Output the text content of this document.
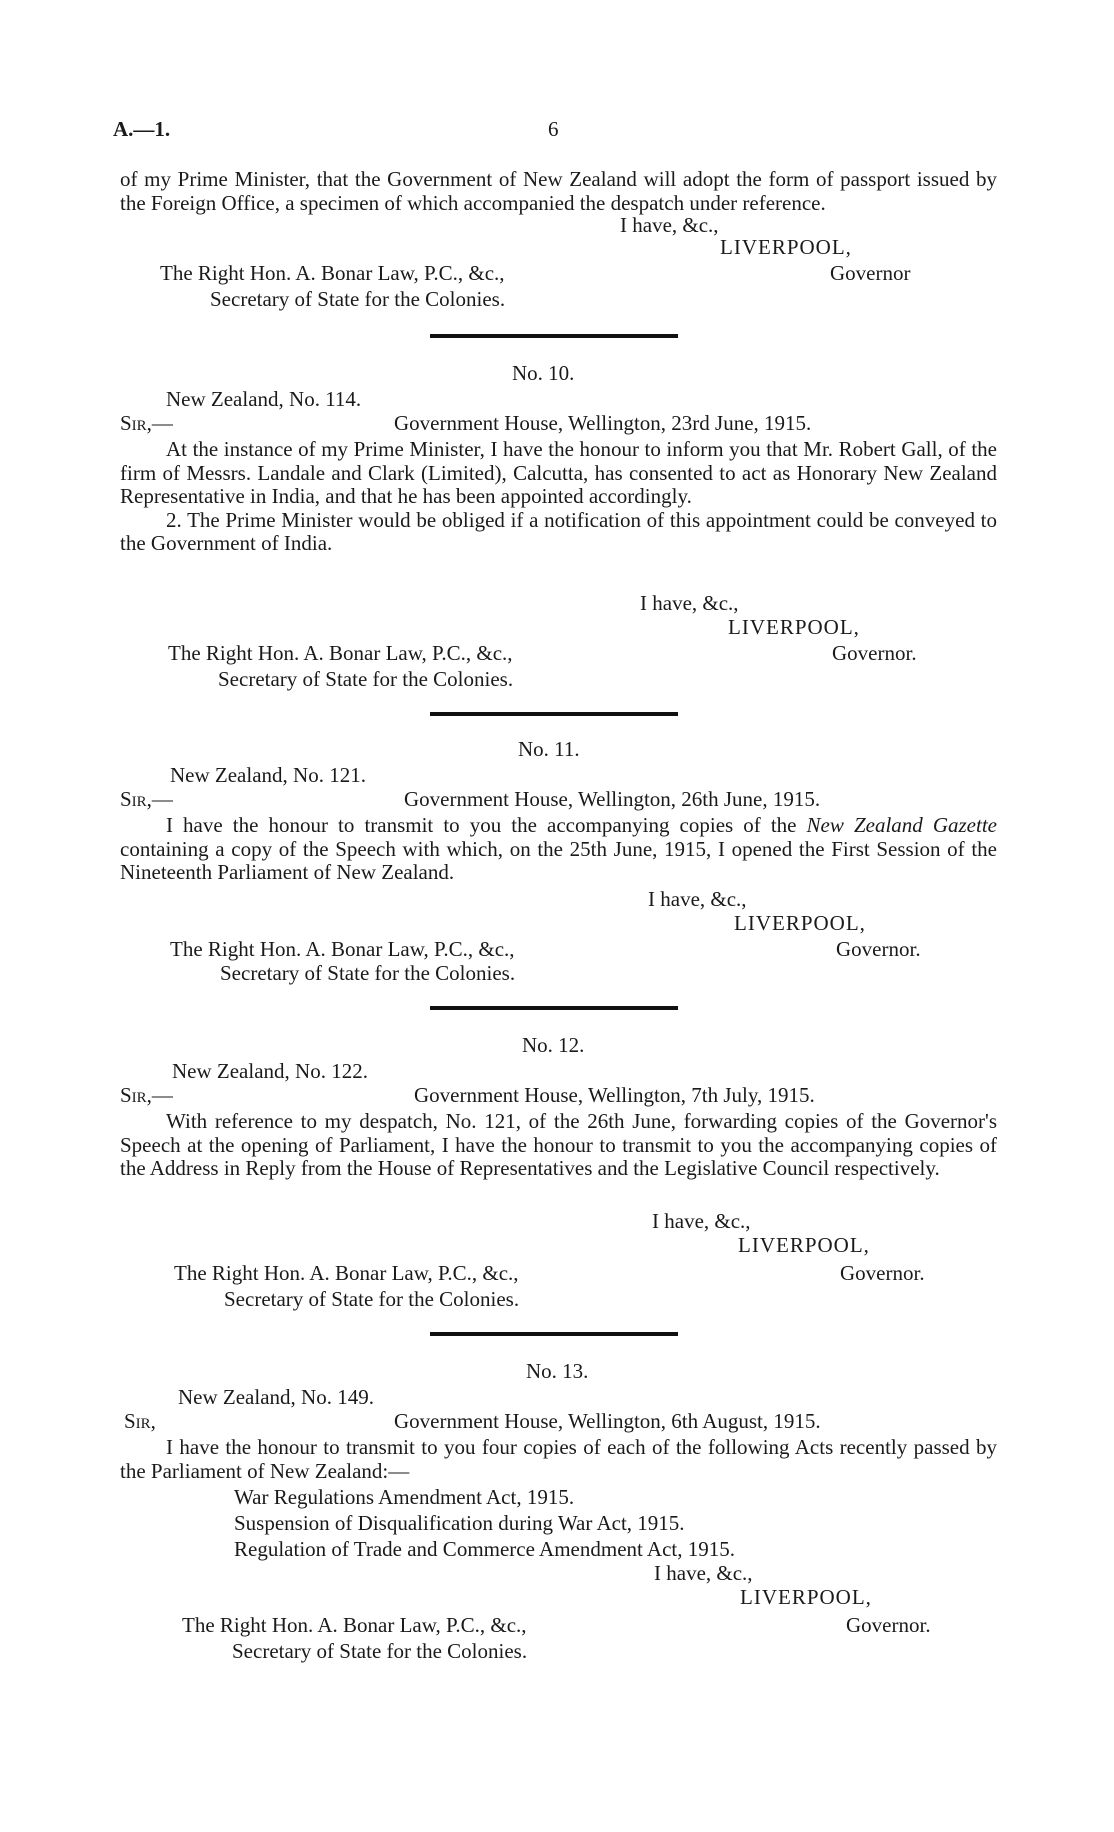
A.—1.	6

of my Prime Minister, that the Government of New Zealand will adopt the form of passport issued by the Foreign Office, a specimen of which accompanied the despatch under reference.

I have, &c.,
LIVERPOOL,
The Right Hon. A. Bonar Law, P.C., &c.,	Governor
Secretary of State for the Colonies.
No. 10.
New Zealand, No. 114.
Sir,—	Government House, Wellington, 23rd June, 1915.

At the instance of my Prime Minister, I have the honour to inform you that Mr. Robert Gall, of the firm of Messrs. Landale and Clark (Limited), Calcutta, has consented to act as Honorary New Zealand Representative in India, and that he has been appointed accordingly.

2. The Prime Minister would be obliged if a notification of this appointment could be conveyed to the Government of India.

I have, &c.,
LIVERPOOL,
The Right Hon. A. Bonar Law, P.C., &c.,	Governor.
Secretary of State for the Colonies.
No. 11.
New Zealand, No. 121.
Sir,—	Government House, Wellington, 26th June, 1915.

I have the honour to transmit to you the accompanying copies of the New Zealand Gazette containing a copy of the Speech with which, on the 25th June, 1915, I opened the First Session of the Nineteenth Parliament of New Zealand.

I have, &c.,
LIVERPOOL,
The Right Hon. A. Bonar Law, P.C., &c.,	Governor.
Secretary of State for the Colonies.
No. 12.
New Zealand, No. 122.
Sir,—	Government House, Wellington, 7th July, 1915.

With reference to my despatch, No. 121, of the 26th June, forwarding copies of the Governor's Speech at the opening of Parliament, I have the honour to transmit to you the accompanying copies of the Address in Reply from the House of Representatives and the Legislative Council respectively.

I have, &c.,
LIVERPOOL,
The Right Hon. A. Bonar Law, P.C., &c.,	Governor.
Secretary of State for the Colonies.
No. 13.
New Zealand, No. 149.
Sir,	Government House, Wellington, 6th August, 1915.

I have the honour to transmit to you four copies of each of the following Acts recently passed by the Parliament of New Zealand:—

War Regulations Amendment Act, 1915.
Suspension of Disqualification during War Act, 1915.
Regulation of Trade and Commerce Amendment Act, 1915.
I have, &c.,
LIVERPOOL,
The Right Hon. A. Bonar Law, P.C., &c.,	Governor.
Secretary of State for the Colonies.
